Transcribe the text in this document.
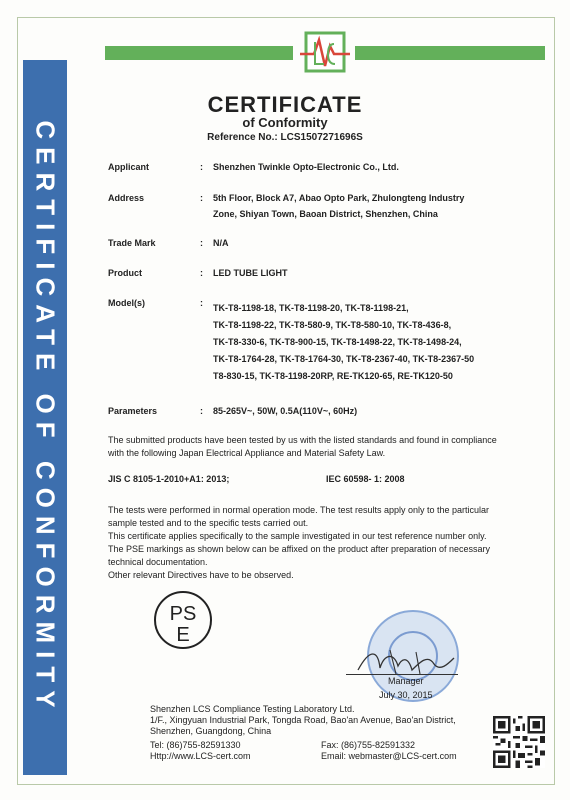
CERTIFICATE OF CONFORMITY
CERTIFICATE
of Conformity
Reference No.: LCS1507271696S
Applicant	: Shenzhen Twinkle Opto-Electronic Co., Ltd.
Address	: 5th Floor, Block A7, Abao Opto Park, Zhulongteng Industry
Zone, Shiyan Town, Baoan District, Shenzhen, China
Trade Mark	: N/A
Product	: LED TUBE LIGHT
Model(s)	: TK-T8-1198-18, TK-T8-1198-20, TK-T8-1198-21,
TK-T8-1198-22, TK-T8-580-9, TK-T8-580-10, TK-T8-436-8,
TK-T8-330-6, TK-T8-900-15, TK-T8-1498-22, TK-T8-1498-24,
TK-T8-1764-28, TK-T8-1764-30, TK-T8-2367-40, TK-T8-2367-50
T8-830-15, TK-T8-1198-20RP, RE-TK120-65, RE-TK120-50
Parameters	: 85-265V~, 50W, 0.5A(110V~, 60Hz)
The submitted products have been tested by us with the listed standards and found in compliance
with the following Japan Electrical Appliance and Material Safety Law.
JIS C 8105-1-2010+A1: 2013;	IEC 60598- 1: 2008
The tests were performed in normal operation mode. The test results apply only to the particular
sample tested and to the specific tests carried out.
This certificate applies specifically to the sample investigated in our test reference number only.
The PSE markings as shown below can be affixed on the product after preparation of necessary
technical documentation.
Other relevant Directives have to be observed.
PS
E
Manager
July 30, 2015
Shenzhen LCS Compliance Testing Laboratory Ltd.
1/F., Xingyuan Industrial Park, Tongda Road, Bao'an Avenue, Bao'an District,
Shenzhen, Guangdong, China
Tel: (86)755-82591330
Http://www.LCS-cert.com
Fax: (86)755-82591332
Email: webmaster@LCS-cert.com
